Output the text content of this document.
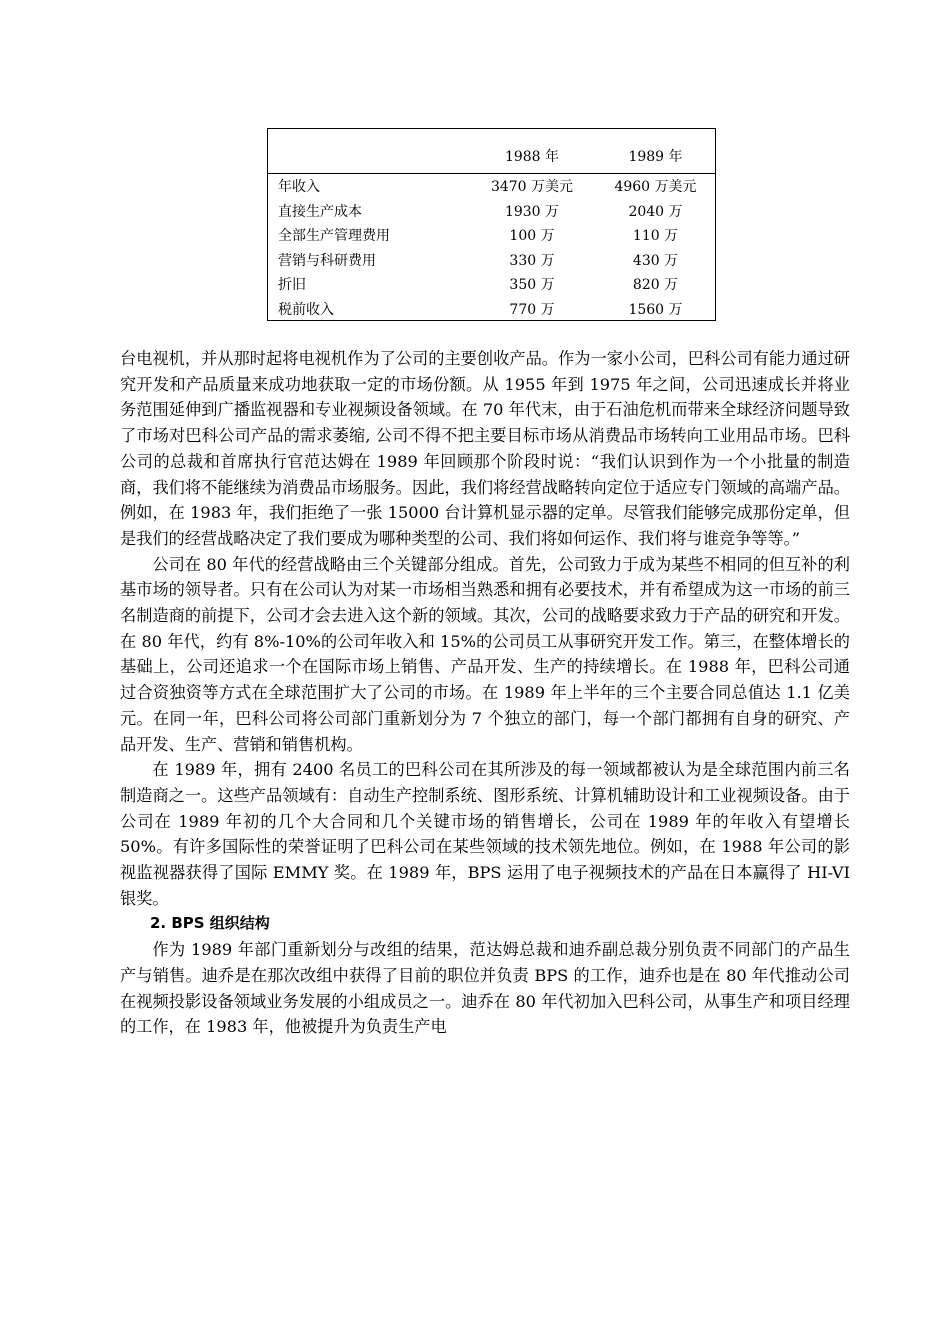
	1988 年	1989 年
年收入	3470 万美元	4960 万美元
直接生产成本	1930 万	2040 万
全部生产管理费用	100 万	110 万
营销与科研费用	330 万	430 万
折旧	350 万	820 万
税前收入	770 万	1560 万

台电视机，并从那时起将电视机作为了公司的主要创收产品。作为一家小公司，巴科公司有能力通过研究开发和产品质量来成功地获取一定的市场份额。从 1955 年到 1975 年之间，公司迅速成长并将业务范围延伸到广播监视器和专业视频设备领域。在 70 年代末，由于石油危机而带来全球经济问题导致了市场对巴科公司产品的需求萎缩, 公司不得不把主要目标市场从消费品市场转向工业用品市场。巴科公司的总裁和首席执行官范达姆在 1989 年回顾那个阶段时说：“我们认识到作为一个小批量的制造商，我们将不能继续为消费品市场服务。因此，我们将经营战略转向定位于适应专门领域的高端产品。例如，在 1983 年，我们拒绝了一张 15000 台计算机显示器的定单。尽管我们能够完成那份定单，但是我们的经营战略决定了我们要成为哪种类型的公司、我们将如何运作、我们将与谁竞争等等。”

公司在 80 年代的经营战略由三个关键部分组成。首先，公司致力于成为某些不相同的但互补的利基市场的领导者。只有在公司认为对某一市场相当熟悉和拥有必要技术，并有希望成为这一市场的前三名制造商的前提下，公司才会去进入这个新的领域。其次，公司的战略要求致力于产品的研究和开发。在 80 年代，约有 8%-10%的公司年收入和 15%的公司员工从事研究开发工作。第三，在整体增长的基础上，公司还追求一个在国际市场上销售、产品开发、生产的持续增长。在 1988 年，巴科公司通过合资独资等方式在全球范围扩大了公司的市场。在 1989 年上半年的三个主要合同总值达 1.1 亿美元。在同一年，巴科公司将公司部门重新划分为 7 个独立的部门，每一个部门都拥有自身的研究、产品开发、生产、营销和销售机构。

在 1989 年，拥有 2400 名员工的巴科公司在其所涉及的每一领域都被认为是全球范围内前三名制造商之一。这些产品领域有：自动生产控制系统、图形系统、计算机辅助设计和工业视频设备。由于公司在 1989 年初的几个大合同和几个关键市场的销售增长，公司在 1989 年的年收入有望增长 50%。有许多国际性的荣誉证明了巴科公司在某些领域的技术领先地位。例如，在 1988 年公司的影视监视器获得了国际 EMMY 奖。在 1989 年，BPS 运用了电子视频技术的产品在日本赢得了 HI-VI 银奖。

2. BPS 组织结构

作为 1989 年部门重新划分与改组的结果，范达姆总裁和迪乔副总裁分别负责不同部门的产品生产与销售。迪乔是在那次改组中获得了目前的职位并负责 BPS 的工作，迪乔也是在 80 年代推动公司在视频投影设备领域业务发展的小组成员之一。迪乔在 80 年代初加入巴科公司，从事生产和项目经理的工作，在 1983 年，他被提升为负责生产电
